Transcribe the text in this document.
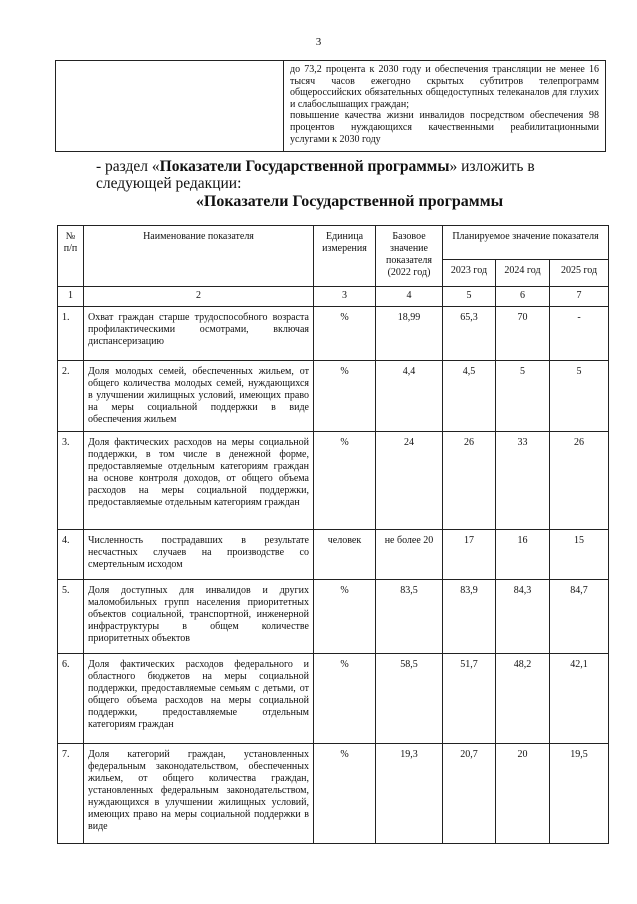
3

до 73,2 процента к 2030 году и обеспечения трансляции не менее 16 тысяч часов ежегодно скрытых субтитров телепрограмм общероссийских обязательных общедоступных телеканалов для глухих и слабослышащих граждан;

повышение качества жизни инвалидов посредством обеспечения 98 процентов нуждающихся качественными реабилитационными услугами к 2030 году

- раздел «Показатели Государственной программы» изложить в следующей редакции:
«Показатели Государственной программы
№ п/п	Наименование показателя	Единица измерения	Базовое значение показателя (2022 год)	Планируемое значение показателя		
				2023 год	2024 год	2025 год
1	2	3	4	5	6	7
1.	Охват граждан старше трудоспособного возраста профилактическими осмотрами, включая диспансеризацию	%	18,99	65,3	70	-
2.	Доля молодых семей, обеспеченных жильем, от общего количества молодых семей, нуждающихся в улучшении жилищных условий, имеющих право на меры социальной поддержки в виде обеспечения жильем	%	4,4	4,5	5	5
3.	Доля фактических расходов на меры социальной поддержки, в том числе в денежной форме, предоставляемые отдельным категориям граждан на основе контроля доходов, от общего объема расходов на меры социальной поддержки, предоставляемые отдельным категориям граждан	%	24	26	33	26
4.	Численность пострадавших в результате несчастных случаев на производстве со смертельным исходом	человек	не более 20	17	16	15
5.	Доля доступных для инвалидов и других маломобильных групп населения приоритетных объектов социальной, транспортной, инженерной инфраструктуры в общем количестве приоритетных объектов	%	83,5	83,9	84,3	84,7
6.	Доля фактических расходов федерального и областного бюджетов на меры социальной поддержки, предоставляемые семьям с детьми, от общего объема расходов на меры социальной поддержки, предоставляемые отдельным категориям граждан	%	58,5	51,7	48,2	42,1
7.	Доля категорий граждан, установленных федеральным законодательством, обеспеченных жильем, от общего количества граждан, установленных федеральным законодательством, нуждающихся в улучшении жилищных условий, имеющих право на меры социальной поддержки в виде	%	19,3	20,7	20	19,5
